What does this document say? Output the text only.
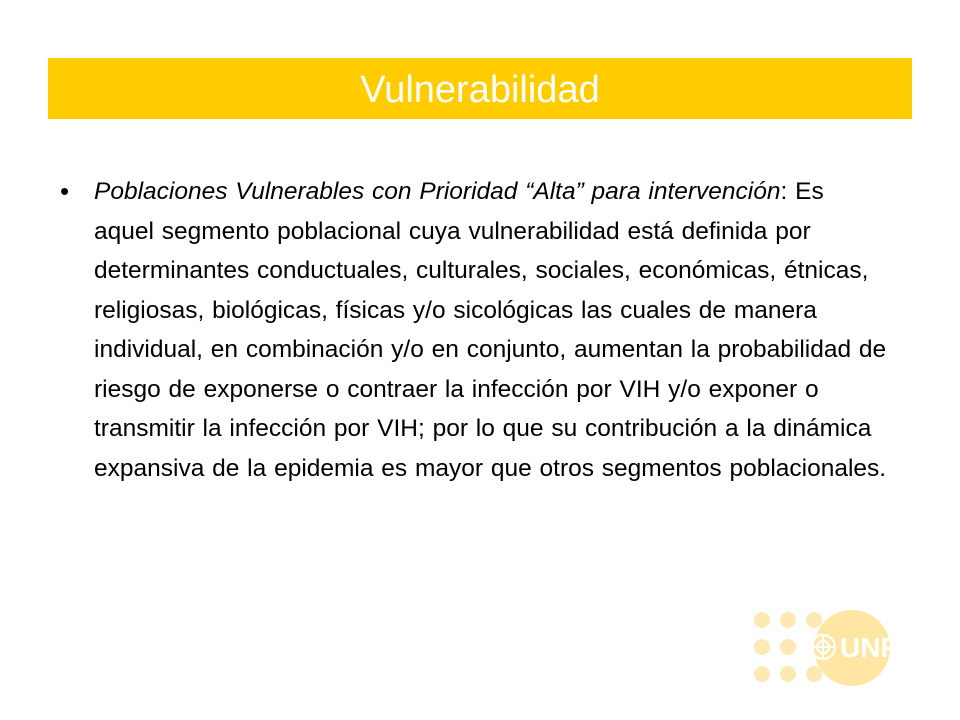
Vulnerabilidad
•	Poblaciones Vulnerables con Prioridad “Alta” para intervención: Es aquel segmento poblacional cuya vulnerabilidad está definida por determinantes conductuales, culturales, sociales, económicas, étnicas, religiosas, biológicas, físicas y/o sicológicas las cuales de manera individual, en combinación y/o en conjunto, aumentan la probabilidad de riesgo de exponerse o contraer la infección por VIH y/o exponer o transmitir la infección por VIH; por lo que su contribución a la dinámica expansiva de la epidemia es mayor que otros segmentos poblacionales.
UNFPA
